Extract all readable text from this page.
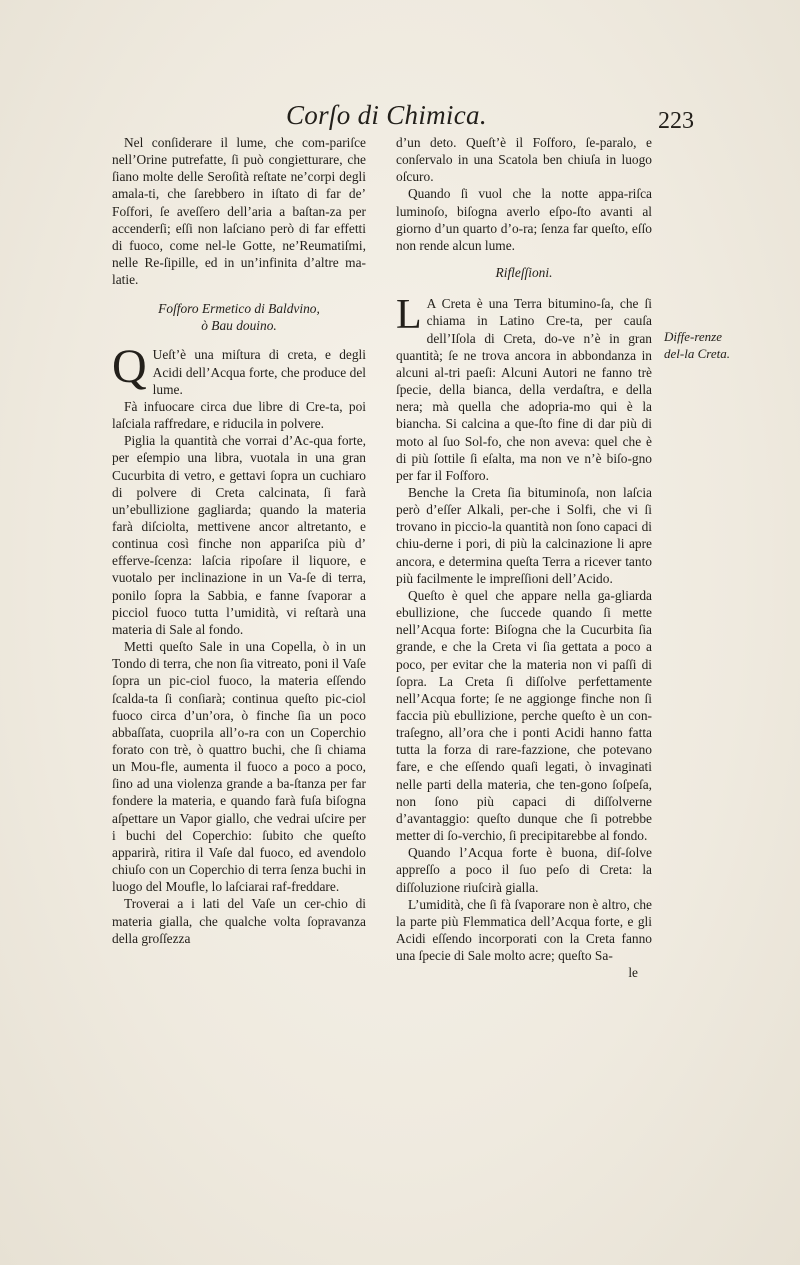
Corſo di Chimica.	223

Nel conſiderare il lume, che com-pariſce nell’Orine putrefatte, ſi può congietturare, che ſiano molte delle Seroſità reſtate ne’corpi degli amala-ti, che ſarebbero in iſtato di far de’ Foſfori, ſe aveſſero dell’aria a baſtan-za per accenderſi; eſſi non laſciano però di far effetti di fuoco, come nel-le Gotte, ne’Reumatiſmi, nelle Re-ſipille, ed in un’infinita d’altre ma-latie.

Foſforo Ermetico di Baldvino,
ò Bau douino.
Q Ueſt’è una miſtura di creta, e degli Acidi dell’Acqua forte, che produce del lume.

Fà infuocare circa due libre di Cre-ta, poi laſciala raffredare, e riducila in polvere.

Piglia la quantità che vorrai d’Ac-qua forte, per eſempio una libra, vuotala in una gran Cucurbita di vetro, e gettavi ſopra un cuchiaro di polvere di Creta calcinata, ſi farà un’ebullizione gagliarda; quando la materia farà diſciolta, mettivene ancor altretanto, e continua così finche non appariſca più d’ efferve-ſcenza: laſcia ripoſare il liquore, e vuotalo per inclinazione in un Va-ſe di terra, ponilo ſopra la Sabbia, e fanne ſvaporar a picciol fuoco tutta l’umidità, vi reſtarà una materia di Sale al fondo.

Metti queſto Sale in una Copella, ò in un Tondo di terra, che non ſia vitreato, poni il Vaſe ſopra un pic-ciol fuoco, la materia eſſendo ſcalda-ta ſi conſiarà; continua queſto pic-ciol fuoco circa d’un’ora, ò finche ſia un poco abbaſſata, cuoprila all’o-ra con un Coperchio forato con trè, ò quattro buchi, che ſi chiama un Mou-fle, aumenta il fuoco a poco a poco, ſino ad una violenza grande a ba-ſtanza per far fondere la materia, e quando farà fuſa biſogna aſpettare un Vapor giallo, che vedrai uſcire per i buchi del Coperchio: ſubito che queſto apparirà, ritira il Vaſe dal fuoco, ed avendolo chiuſo con un Coperchio di terra ſenza buchi in luogo del Moufle, lo laſciarai raf-freddare.

Troverai a i lati del Vaſe un cer-chio di materia gialla, che qualche volta ſopravanza della groſſezza

d’un deto. Queſt’è il Foſforo, ſe-paralo, e conſervalo in una Scatola ben chiuſa in luogo oſcuro.

Quando ſi vuol che la notte appa-riſca luminoſo, biſogna averlo eſpo-ſto avanti al giorno d’un quarto d’o-ra; ſenza far queſto, eſſo non rende alcun lume.

Rifleſſioni.
L A Creta è una Terra bitumino-ſa, che ſi chiama in Latino Cre-ta, per cauſa dell’Iſola di Creta, do-ve n’è in gran quantità; ſe ne trova ancora in abbondanza in alcuni al-tri paeſi: Alcuni Autori ne fanno trè ſpecie, della bianca, della verdaſtra, e della nera; mà quella che adopria-mo qui è la biancha. Si calcina a que-ſto fine di dar più di moto al ſuo Sol-fo, che non aveva: quel che è di più ſottile ſi eſalta, ma non ve n’è biſo-gno per far il Foſforo.

Benche la Creta ſia bituminoſa, non laſcia però d’eſſer Alkali, per-che i Solfi, che vi ſi trovano in piccio-la quantità non ſono capaci di chiu-derne i pori, di più la calcinazione li apre ancora, e determina queſta Terra a ricever tanto più facilmente le impreſſioni dell’Acido.

Queſto è quel che appare nella ga-gliarda ebullizione, che ſuccede quando ſi mette nell’Acqua forte: Biſogna che la Cucurbita ſia grande, e che la Creta vi ſia gettata a poco a poco, per evitar che la materia non vi paſſi di ſopra. La Creta ſi diſſolve perfettamente nell’Acqua forte; ſe ne aggionge finche non ſi faccia più ebullizione, perche queſto è un con-traſegno, all’ora che i ponti Acidi hanno fatta tutta la forza di rare-fazzione, che potevano fare, e che eſſendo quaſi legati, ò invaginati nelle parti della materia, che ten-gono ſoſpeſa, non ſono più capaci di diſſolverne d’avantaggio: queſto dunque che ſi potrebbe metter di ſo-verchio, ſi precipitarebbe al fondo.

Quando l’Acqua forte è buona, diſ-ſolve appreſſo a poco il ſuo peſo di Creta: la diſſoluzione riuſcirà gialla.

L’umidità, che ſi fà ſvaporare non è altro, che la parte più Flemmatica dell’Acqua forte, e gli Acidi eſſendo incorporati con la Creta fanno una ſpecie di Sale molto acre; queſto Sa-

le
Diffe-renze del-la Creta.
